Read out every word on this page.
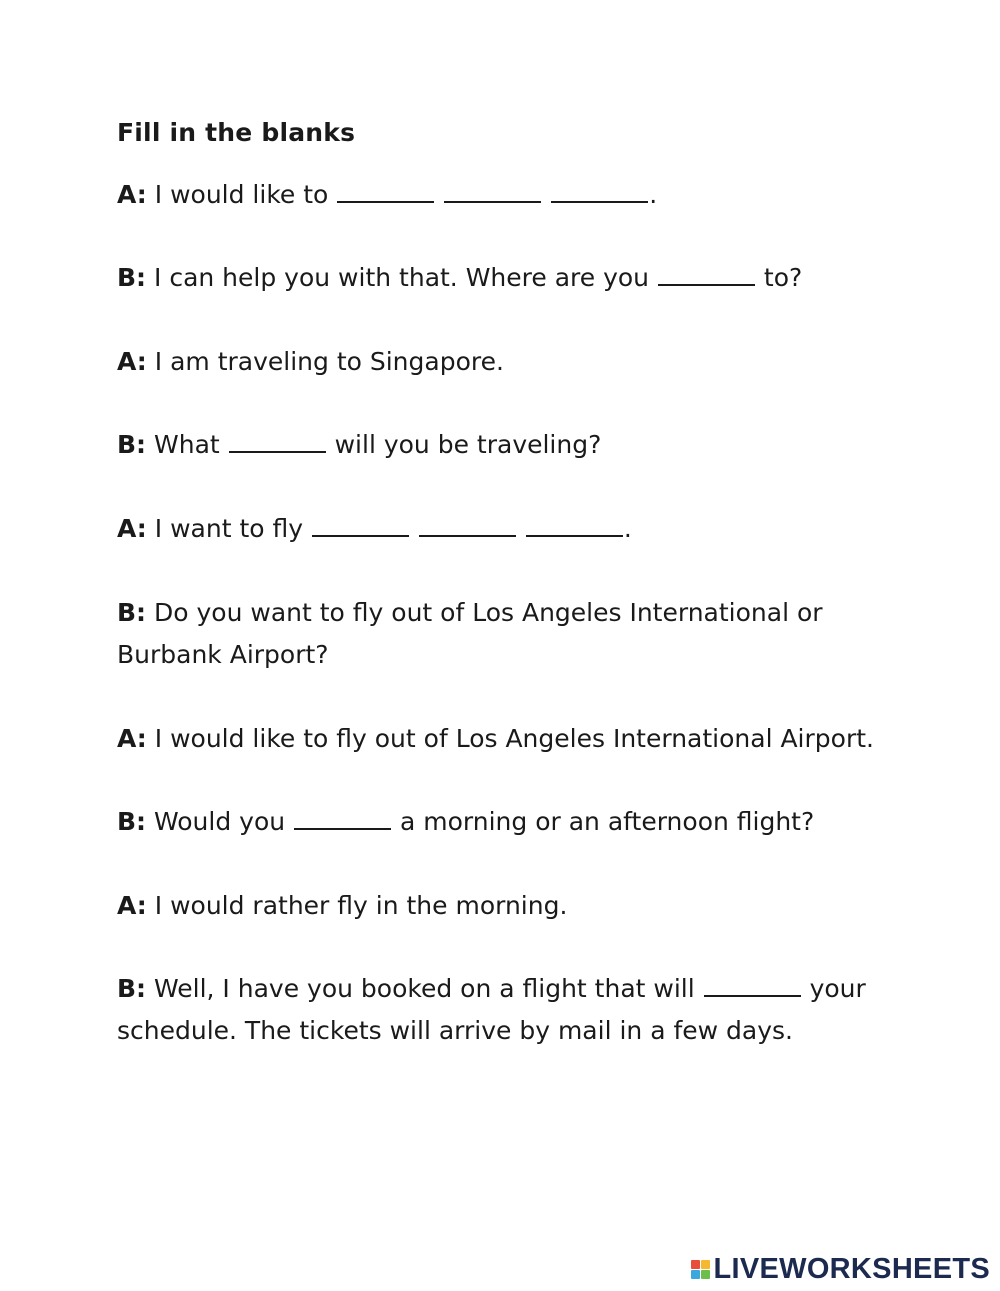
Fill in the blanks
A: I would like to	.
B: I can help you with that. Where are you	to?
A: I am traveling to Singapore.
B: What	will you be traveling?
A: I want to fly	.
B: Do you want to fly out of Los Angeles International or Burbank Airport?
A: I would like to fly out of Los Angeles International Airport.
B: Would you	a morning or an afternoon flight?
A: I would rather fly in the morning.
B: Well, I have you booked on a flight that will	your schedule. The tickets will arrive by mail in a few days.
LIVEWORKSHEETS
